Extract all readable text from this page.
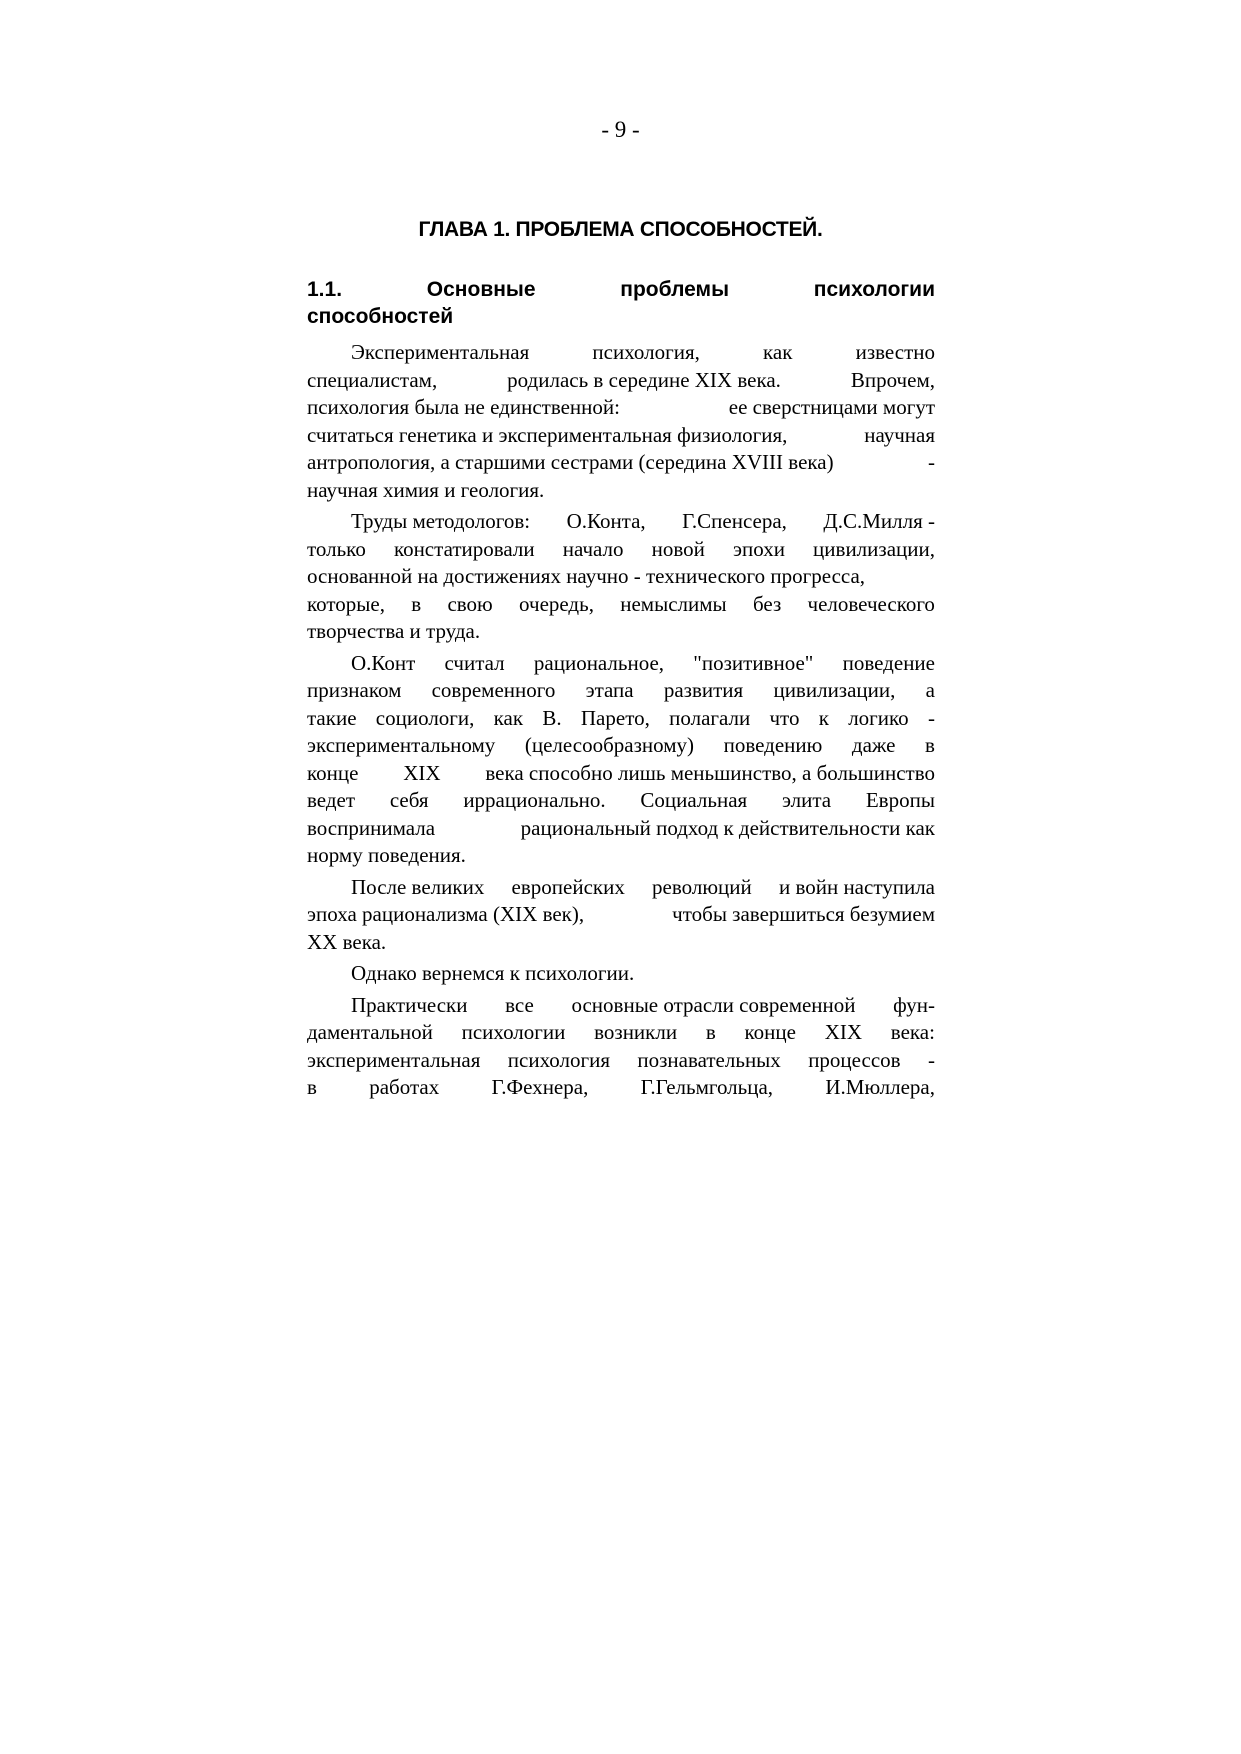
- 9 -
ГЛАВА 1. ПРОБЛЕМА СПОСОБНОСТЕЙ.
1.1.	Основные	проблемы	психологии
способностей
Экспериментальная	психология,	как	известно
специалистам,	родилась в середине XIX века.	Впрочем,
психология была не единственной:	ее сверстницами могут
считаться генетика и экспериментальная физиология,	научная
антропология, а старшими сестрами (середина XVIII века)	-
научная химия и геология.
Труды методологов: О.Конта, Г.Спенсера, Д.С.Милля -
только констатировали начало новой эпохи цивилизации,
основанной на достижениях научно - технического прогресса,
которые, в свою очередь, немыслимы без человеческого
творчества и труда.
О.Конт считал рациональное, "позитивное" поведение
признаком современного этапа развития цивилизации, а
такие социологи, как В. Парето, полагали что к логико -
экспериментальному (целесообразному) поведению даже в
конце XIX века способно лишь меньшинство, а большинство
ведет себя иррационально. Социальная элита Европы
воспринимала	рациональный подход к действительности как
норму поведения.
После великих европейских революций и войн наступила
эпоха рационализма (XIX век),	чтобы завершиться безумием
XX века.
Однако вернемся к психологии.
Практически все основные отрасли современной фун-
даментальной психологии возникли в конце XIX века:
экспериментальная психология познавательных процессов -
в работах Г.Фехнера, Г.Гельмгольца, И.Мюллера,
